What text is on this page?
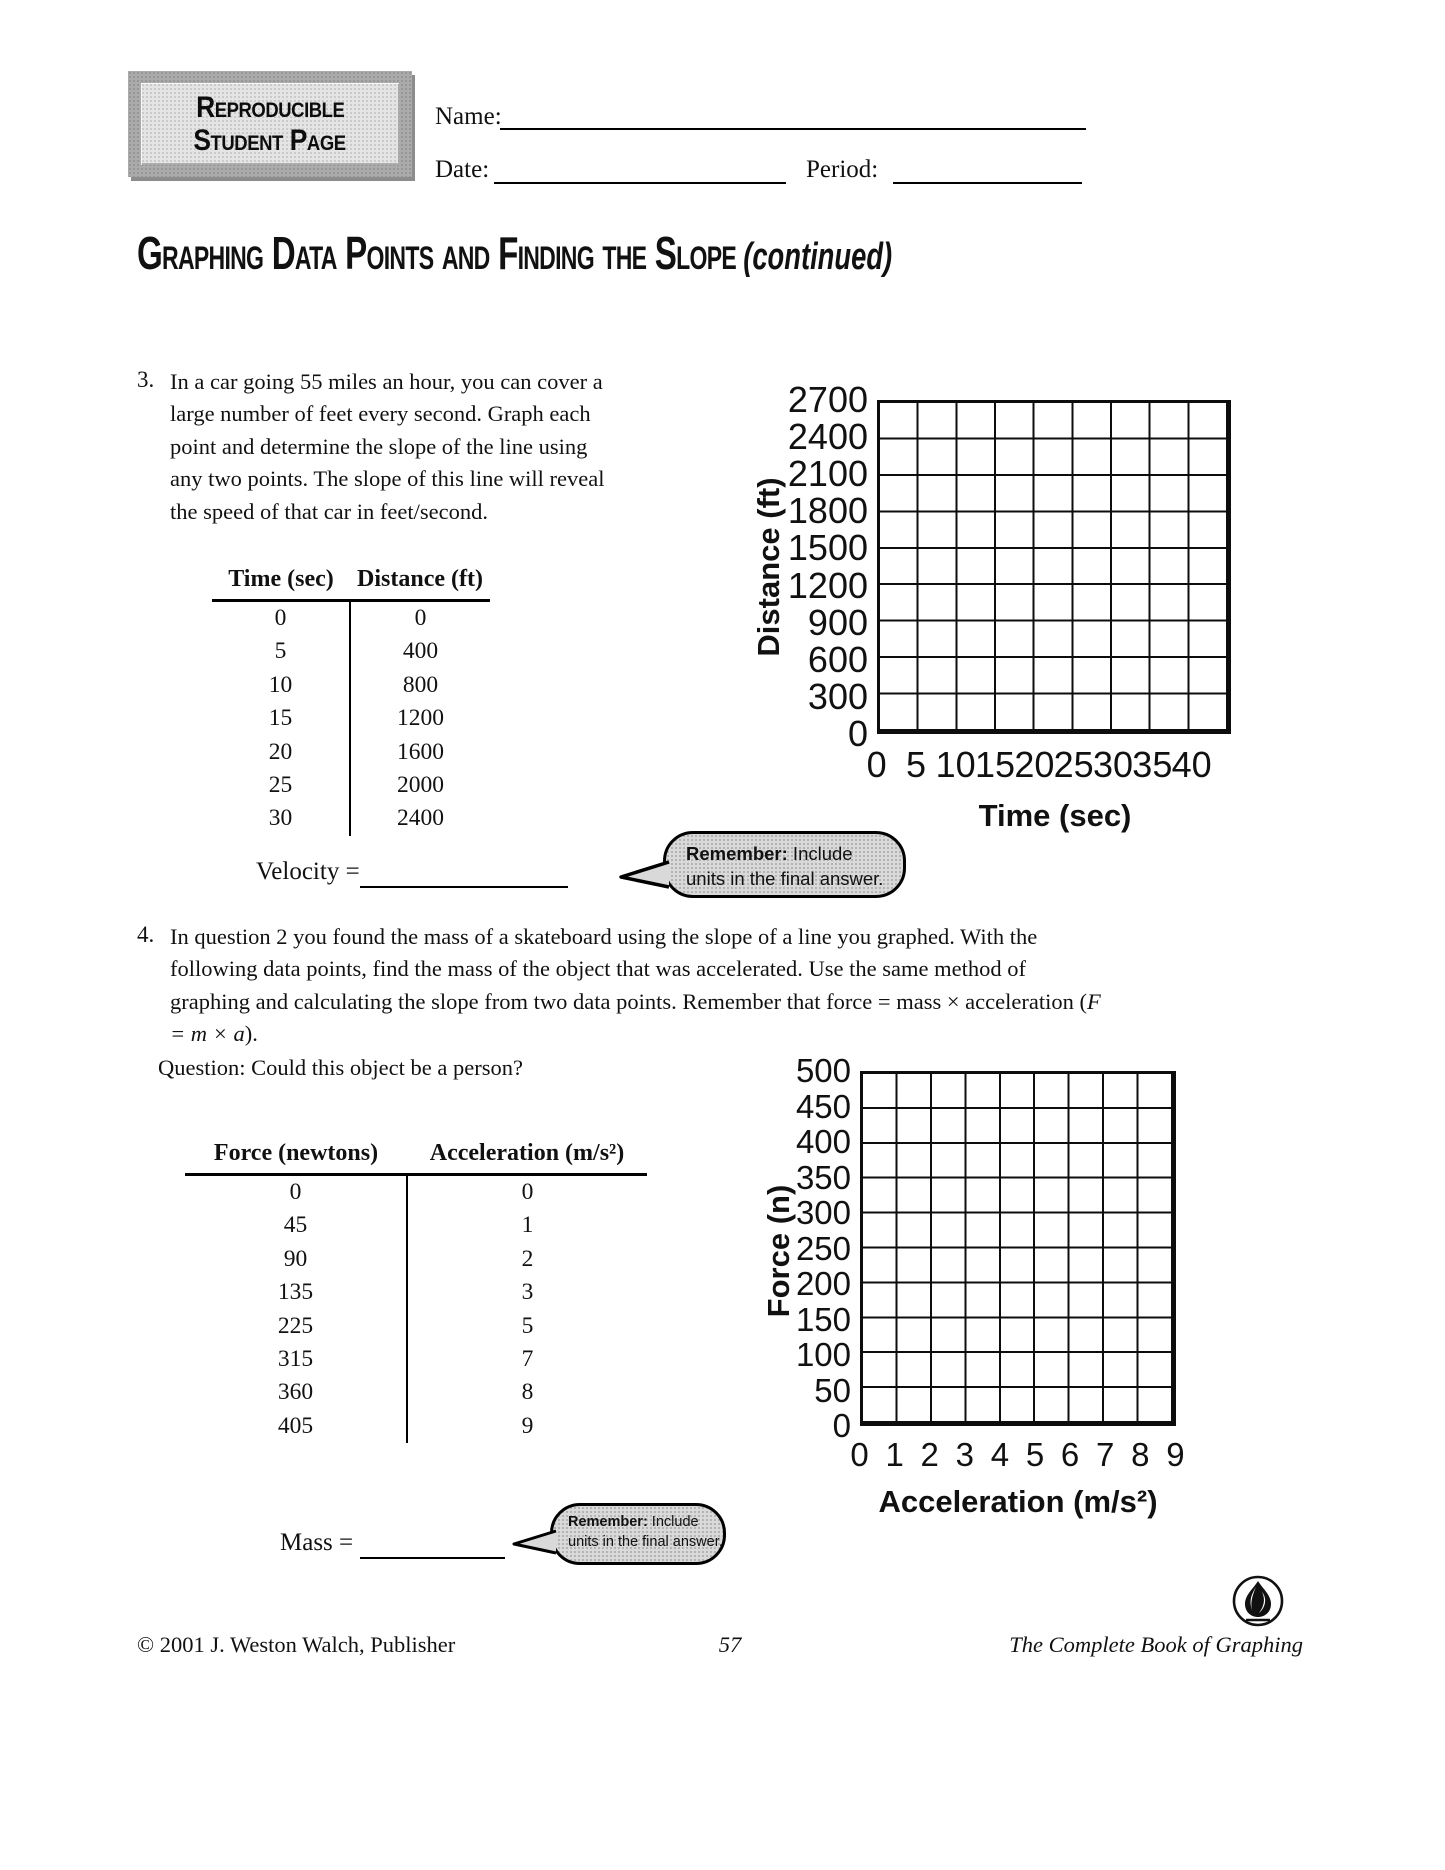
Reproducible
Student Page
Name:
Date:	Period:
Graphing Data Points and Finding the Slope (continued)
3. In a car going 55 miles an hour, you can cover a large number of feet every second. Graph each point and determine the slope of the line using any two points. The slope of this line will reveal the speed of that car in feet/second.
Time (sec)	Distance (ft)
0	0
5	400
10	800
15	1200
20	1600
25	2000
30	2400
Velocity =
Distance (ft)
2700
2400
2100
1800
1500
1200
900
600
300
0
0 5 10 15 20 25 30 35 40
Time (sec)
Remember: Include
units in the final answer.
4. In question 2 you found the mass of a skateboard using the slope of a line you graphed. With the following data points, find the mass of the object that was accelerated. Use the same method of graphing and calculating the slope from two data points. Remember that force = mass × acceleration (F = m × a).
Question: Could this object be a person?
Force (newtons)	Acceleration (m/s²)
0	0
45	1
90	2
135	3
225	5
315	7
360	8
405	9
Force (n)
500
450
400
350
300
250
200
150
100
50
0
0 1 2 3 4 5 6 7 8 9
Acceleration (m/s²)
Mass =
Remember: Include
units in the final answer.
© 2001 J. Weston Walch, Publisher	57	The Complete Book of Graphing
